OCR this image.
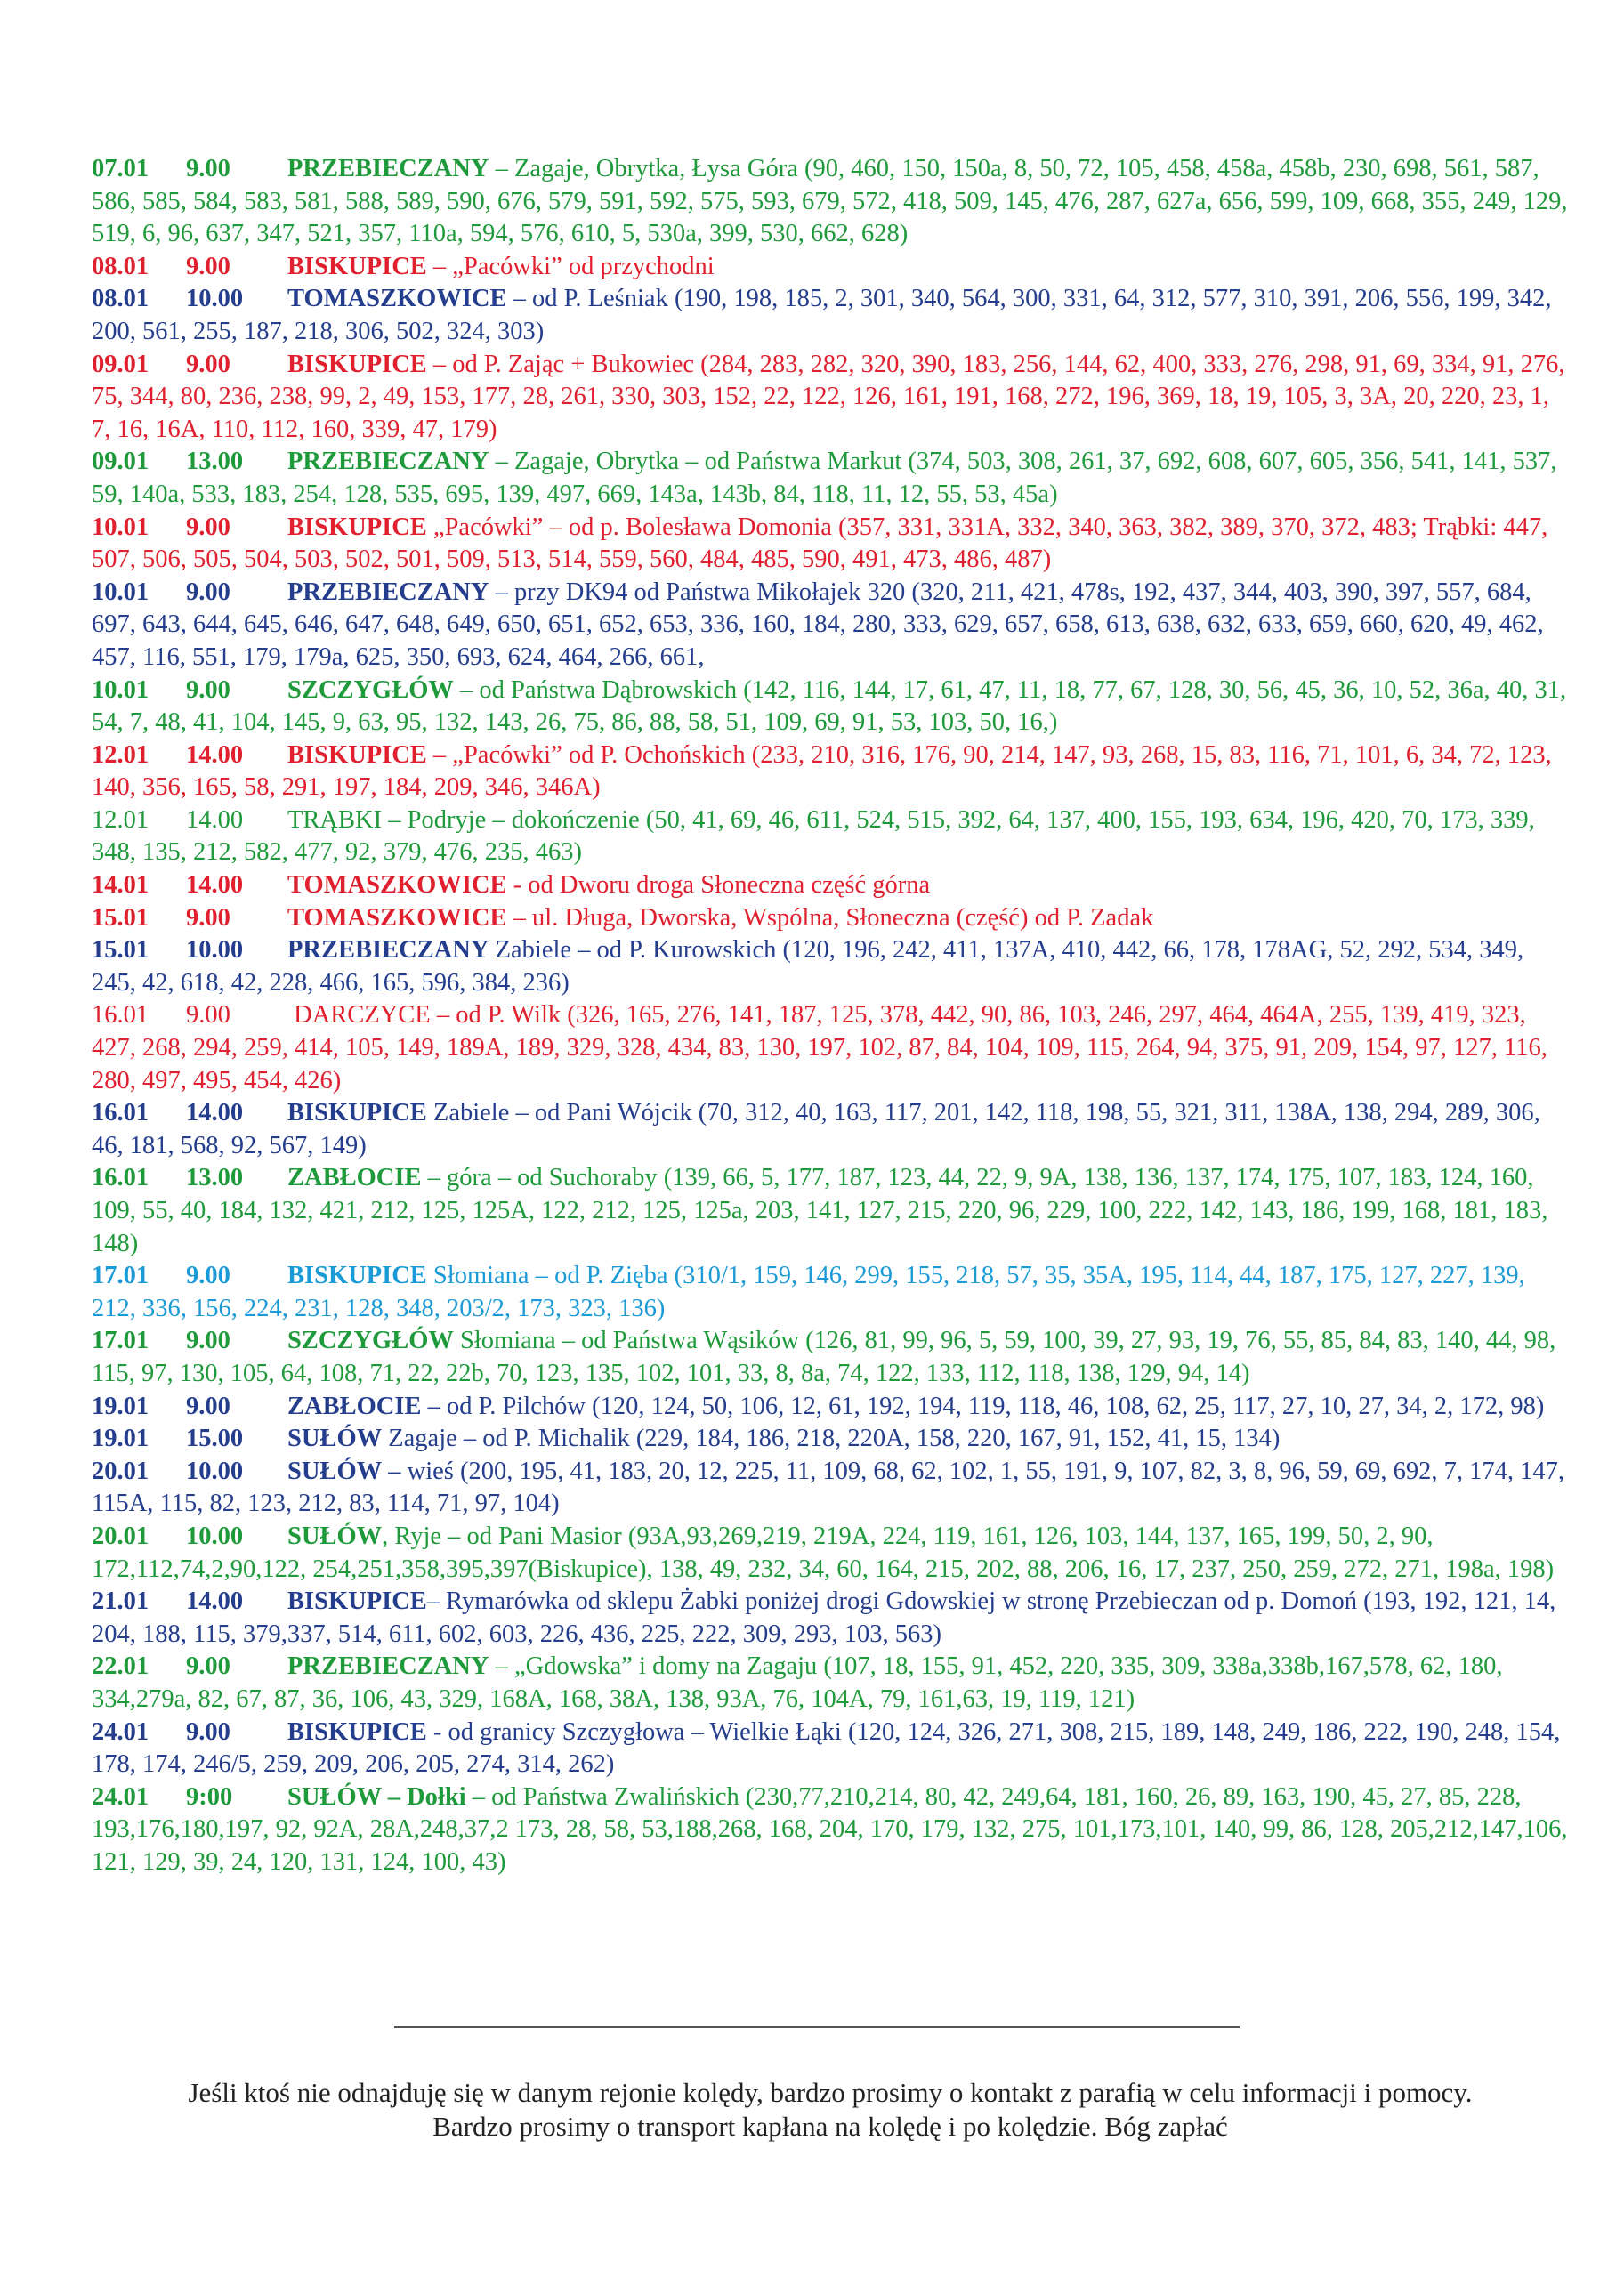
07.01 9.00 PRZEBIECZANY – Zagaje, Obrytka, Łysa Góra (90, 460, 150, 150a, 8, 50, 72, 105, 458, 458a, 458b, 230, 698, 561, 587, 586, 585, 584, 583, 581, 588, 589, 590, 676, 579, 591, 592, 575, 593, 679, 572, 418, 509, 145, 476, 287, 627a, 656, 599, 109, 668, 355, 249, 129, 519, 6, 96, 637, 347, 521, 357, 110a, 594, 576, 610, 5, 530a, 399, 530, 662, 628)

08.01 9.00 BISKUPICE – „Pacówki” od przychodni

08.01 10.00 TOMASZKOWICE – od P. Leśniak (190, 198, 185, 2, 301, 340, 564, 300, 331, 64, 312, 577, 310, 391, 206, 556, 199, 342, 200, 561, 255, 187, 218, 306, 502, 324, 303)

09.01 9.00 BISKUPICE – od P. Zając + Bukowiec (284, 283, 282, 320, 390, 183, 256, 144, 62, 400, 333, 276, 298, 91, 69, 334, 91, 276, 75, 344, 80, 236, 238, 99, 2, 49, 153, 177, 28, 261, 330, 303, 152, 22, 122, 126, 161, 191, 168, 272, 196, 369, 18, 19, 105, 3, 3A, 20, 220, 23, 1, 7, 16, 16A, 110, 112, 160, 339, 47, 179)

09.01 13.00 PRZEBIECZANY – Zagaje, Obrytka – od Państwa Markut (374, 503, 308, 261, 37, 692, 608, 607, 605, 356, 541, 141, 537, 59, 140a, 533, 183, 254, 128, 535, 695, 139, 497, 669, 143a, 143b, 84, 118, 11, 12, 55, 53, 45a)

10.01 9.00 BISKUPICE „Pacówki” – od p. Bolesława Domonia (357, 331, 331A, 332, 340, 363, 382, 389, 370, 372, 483; Trąbki: 447, 507, 506, 505, 504, 503, 502, 501, 509, 513, 514, 559, 560, 484, 485, 590, 491, 473, 486, 487)

10.01 9.00 PRZEBIECZANY – przy DK94 od Państwa Mikołajek 320 (320, 211, 421, 478s, 192, 437, 344, 403, 390, 397, 557, 684, 697, 643, 644, 645, 646, 647, 648, 649, 650, 651, 652, 653, 336, 160, 184, 280, 333, 629, 657, 658, 613, 638, 632, 633, 659, 660, 620, 49, 462, 457, 116, 551, 179, 179a, 625, 350, 693, 624, 464, 266, 661,

10.01 9.00 SZCZYGŁÓW – od Państwa Dąbrowskich (142, 116, 144, 17, 61, 47, 11, 18, 77, 67, 128, 30, 56, 45, 36, 10, 52, 36a, 40, 31, 54, 7, 48, 41, 104, 145, 9, 63, 95, 132, 143, 26, 75, 86, 88, 58, 51, 109, 69, 91, 53, 103, 50, 16,)

12.01 14.00 BISKUPICE – „Pacówki” od P. Ochońskich (233, 210, 316, 176, 90, 214, 147, 93, 268, 15, 83, 116, 71, 101, 6, 34, 72, 123, 140, 356, 165, 58, 291, 197, 184, 209, 346, 346A)

12.01 14.00 TRĄBKI – Podryje – dokończenie (50, 41, 69, 46, 611, 524, 515, 392, 64, 137, 400, 155, 193, 634, 196, 420, 70, 173, 339, 348, 135, 212, 582, 477, 92, 379, 476, 235, 463)

14.01 14.00 TOMASZKOWICE - od Dworu droga Słoneczna część górna

15.01 9.00 TOMASZKOWICE – ul. Długa, Dworska, Wspólna, Słoneczna (część) od P. Zadak

15.01 10.00 PRZEBIECZANY Zabiele – od P. Kurowskich (120, 196, 242, 411, 137A, 410, 442, 66, 178, 178AG, 52, 292, 534, 349, 245, 42, 618, 42, 228, 466, 165, 596, 384, 236)

16.01 9.00 DARCZYCE – od P. Wilk (326, 165, 276, 141, 187, 125, 378, 442, 90, 86, 103, 246, 297, 464, 464A, 255, 139, 419, 323, 427, 268, 294, 259, 414, 105, 149, 189A, 189, 329, 328, 434, 83, 130, 197, 102, 87, 84, 104, 109, 115, 264, 94, 375, 91, 209, 154, 97, 127, 116, 280, 497, 495, 454, 426)

16.01 14.00 BISKUPICE Zabiele – od Pani Wójcik (70, 312, 40, 163, 117, 201, 142, 118, 198, 55, 321, 311, 138A, 138, 294, 289, 306, 46, 181, 568, 92, 567, 149)

16.01 13.00 ZABŁOCIE – góra – od Suchoraby (139, 66, 5, 177, 187, 123, 44, 22, 9, 9A, 138, 136, 137, 174, 175, 107, 183, 124, 160, 109, 55, 40, 184, 132, 421, 212, 125, 125A, 122, 212, 125, 125a, 203, 141, 127, 215, 220, 96, 229, 100, 222, 142, 143, 186, 199, 168, 181, 183, 148)

17.01 9.00 BISKUPICE Słomiana – od P. Zięba (310/1, 159, 146, 299, 155, 218, 57, 35, 35A, 195, 114, 44, 187, 175, 127, 227, 139, 212, 336, 156, 224, 231, 128, 348, 203/2, 173, 323, 136)

17.01 9.00 SZCZYGŁÓW Słomiana – od Państwa Wąsików (126, 81, 99, 96, 5, 59, 100, 39, 27, 93, 19, 76, 55, 85, 84, 83, 140, 44, 98, 115, 97, 130, 105, 64, 108, 71, 22, 22b, 70, 123, 135, 102, 101, 33, 8, 8a, 74, 122, 133, 112, 118, 138, 129, 94, 14)

19.01 9.00 ZABŁOCIE – od P. Pilchów (120, 124, 50, 106, 12, 61, 192, 194, 119, 118, 46, 108, 62, 25, 117, 27, 10, 27, 34, 2, 172, 98)

19.01 15.00 SUŁÓW Zagaje – od P. Michalik (229, 184, 186, 218, 220A, 158, 220, 167, 91, 152, 41, 15, 134)

20.01 10.00 SUŁÓW – wieś (200, 195, 41, 183, 20, 12, 225, 11, 109, 68, 62, 102, 1, 55, 191, 9, 107, 82, 3, 8, 96, 59, 69, 692, 7, 174, 147, 115A, 115, 82, 123, 212, 83, 114, 71, 97, 104)

20.01 10.00 SUŁÓW, Ryje – od Pani Masior (93A,93,269,219, 219A, 224, 119, 161, 126, 103, 144, 137, 165, 199, 50, 2, 90, 172,112,74,2,90,122, 254,251,358,395,397(Biskupice), 138, 49, 232, 34, 60, 164, 215, 202, 88, 206, 16, 17, 237, 250, 259, 272, 271, 198a, 198)

21.01 14.00 BISKUPICE– Rymarówka od sklepu Żabki poniżej drogi Gdowskiej w stronę Przebieczan od p. Domoń (193, 192, 121, 14, 204, 188, 115, 379,337, 514, 611, 602, 603, 226, 436, 225, 222, 309, 293, 103, 563)

22.01 9.00 PRZEBIECZANY – „Gdowska” i domy na Zagaju (107, 18, 155, 91, 452, 220, 335, 309, 338a,338b,167,578, 62, 180, 334,279a, 82, 67, 87, 36, 106, 43, 329, 168A, 168, 38A, 138, 93A, 76, 104A, 79, 161,63, 19, 119, 121)

24.01 9.00 BISKUPICE - od granicy Szczygłowa – Wielkie Łąki (120, 124, 326, 271, 308, 215, 189, 148, 249, 186, 222, 190, 248, 154, 178, 174, 246/5, 259, 209, 206, 205, 274, 314, 262)

24.01 9:00 SUŁÓW – Dołki – od Państwa Zwalińskich (230,77,210,214, 80, 42, 249,64, 181, 160, 26, 89, 163, 190, 45, 27, 85, 228, 193,176,180,197, 92, 92A, 28A,248,37,2 173, 28, 58, 53,188,268, 168, 204, 170, 179, 132, 275, 101,173,101, 140, 99, 86, 128, 205,212,147,106, 121, 129, 39, 24, 120, 131, 124, 100, 43)

Jeśli ktoś nie odnajduję się w danym rejonie kolędy, bardzo prosimy o kontakt z parafią w celu informacji i pomocy.

Bardzo prosimy o transport kapłana na kolędę i po kolędzie. Bóg zapłać
